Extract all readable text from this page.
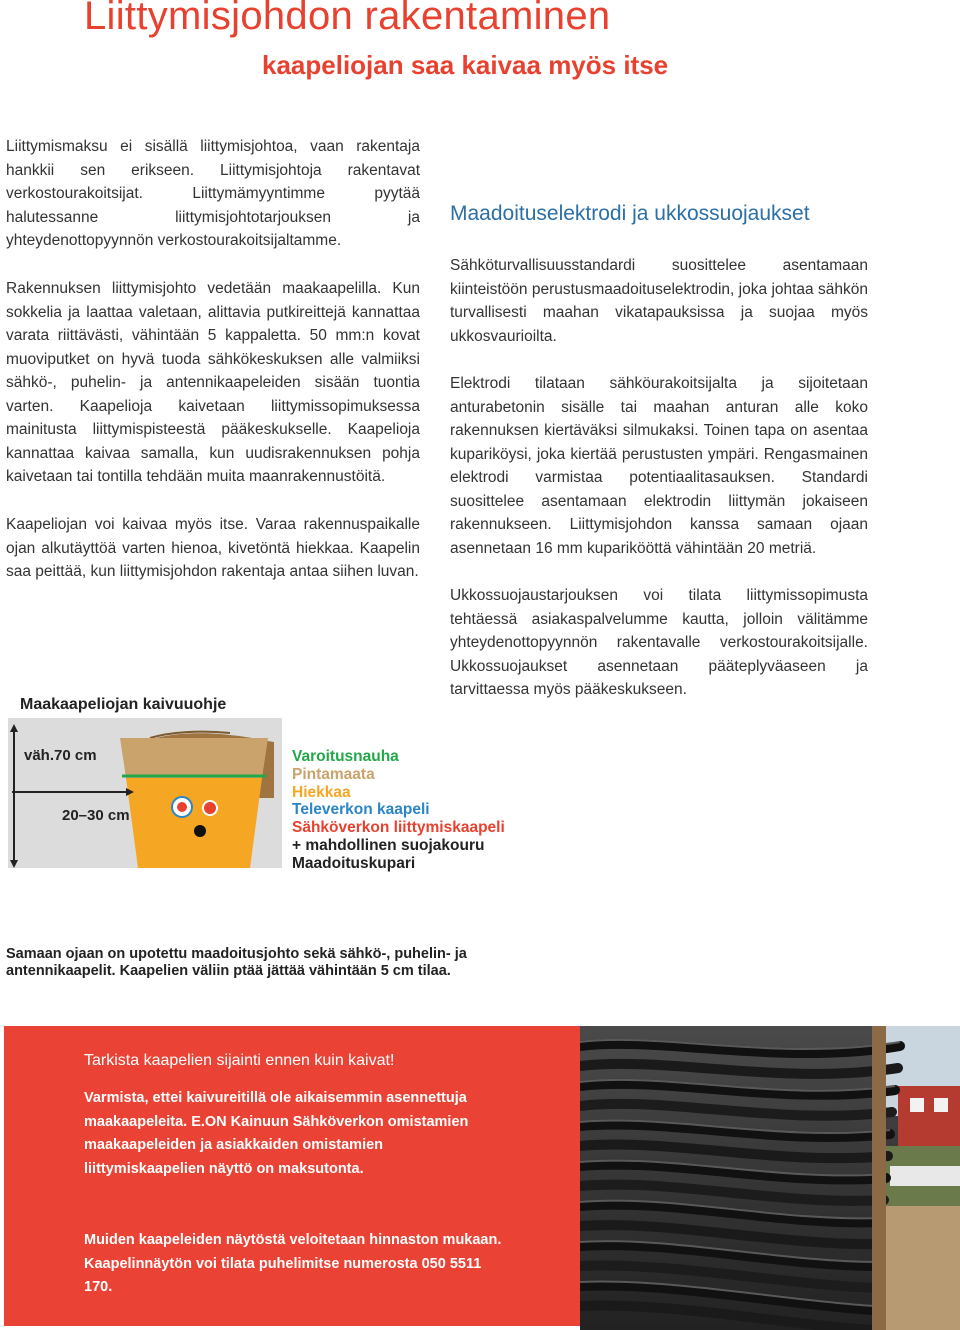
Liittymisjohdon rakentaminen
kaapeliojan saa kaivaa myös itse

Liittymismaksu ei sisällä liittymisjohtoa, vaan rakentaja hankkii sen erikseen. Liittymisjohtoja rakentavat verkostourakoitsijat. Liittymämyyntimme pyytää halutessanne liittymisjohtotarjouksen ja yhteydenottopyynnön verkostourakoitsijaltamme.

Rakennuksen liittymisjohto vedetään maakaapelilla. Kun sokkelia ja laattaa valetaan, alittavia putkireittejä kannattaa varata riittävästi, vähintään 5 kappaletta. 50 mm:n kovat muoviputket on hyvä tuoda sähkökeskuksen alle valmiiksi sähkö-, puhelin- ja antennikaapeleiden sisään tuontia varten. Kaapelioja kaivetaan liittymissopimuksessa mainitusta liittymispisteestä pääkeskukselle. Kaapelioja kannattaa kaivaa samalla, kun uudisrakennuksen pohja kaivetaan tai tontilla tehdään muita maanrakennustöitä.

Kaapeliojan voi kaivaa myös itse. Varaa rakennuspaikalle ojan alkutäyttöä varten hienoa, kivetöntä hiekkaa. Kaapelin saa peittää, kun liittymisjohdon rakentaja antaa siihen luvan.

Maadoituselektrodi ja ukkossuojaukset

Sähköturvallisuusstandardi suosittelee asentamaan kiinteistöön perustusmaadoituselektrodin, joka johtaa sähkön turvallisesti maahan vikatapauksissa ja suojaa myös ukkosvaurioilta.

Elektrodi tilataan sähköurakoitsijalta ja sijoitetaan anturabetonin sisälle tai maahan anturan alle koko rakennuksen kiertäväksi silmukaksi. Toinen tapa on asentaa kupariköysi, joka kiertää perustusten ympäri. Rengasmainen elektrodi varmistaa potentiaalitasauksen. Standardi suosittelee asentamaan elektrodin liittymän jokaiseen rakennukseen. Liittymisjohdon kanssa samaan ojaan asennetaan 16 mm kuparikööttä vähintään 20 metriä.

Ukkossuojaustarjouksen voi tilata liittymissopimusta tehtäessä asiakaspalvelumme kautta, jolloin välitämme yhteydenottopyynnön rakentavalle verkostourakoitsijalle. Ukkossuojaukset asennetaan pääteplyväaseen ja tarvittaessa myös pääkeskukseen.

Maakaapeliojan kaivuuohje
väh.70 cm
20–30 cm
Varoitusnauha
Pintamaata
Hiekkaa
Televerkon kaapeli
Sähköverkon liittymiskaapeli
+ mahdollinen suojakouru
Maadoituskupari

Samaan ojaan on upotettu maadoitusjohto sekä sähkö-, puhelin- ja antennikaapelit. Kaapelien väliin ptää jättää vähintään 5 cm tilaa.

Tarkista kaapelien sijainti ennen kuin kaivat!

Varmista, ettei kaivureitillä ole aikaisemmin asennettuja maakaapeleita. E.ON Kainuun Sähköverkon omistamien maakaapeleiden ja asiakkaiden omistamien liittymiskaapelien näyttö on maksutonta.

Muiden kaapeleiden näytöstä veloitetaan hinnaston mukaan. Kaapelinnäytön voi tilata puhelimitse numerosta 050 5511 170.
